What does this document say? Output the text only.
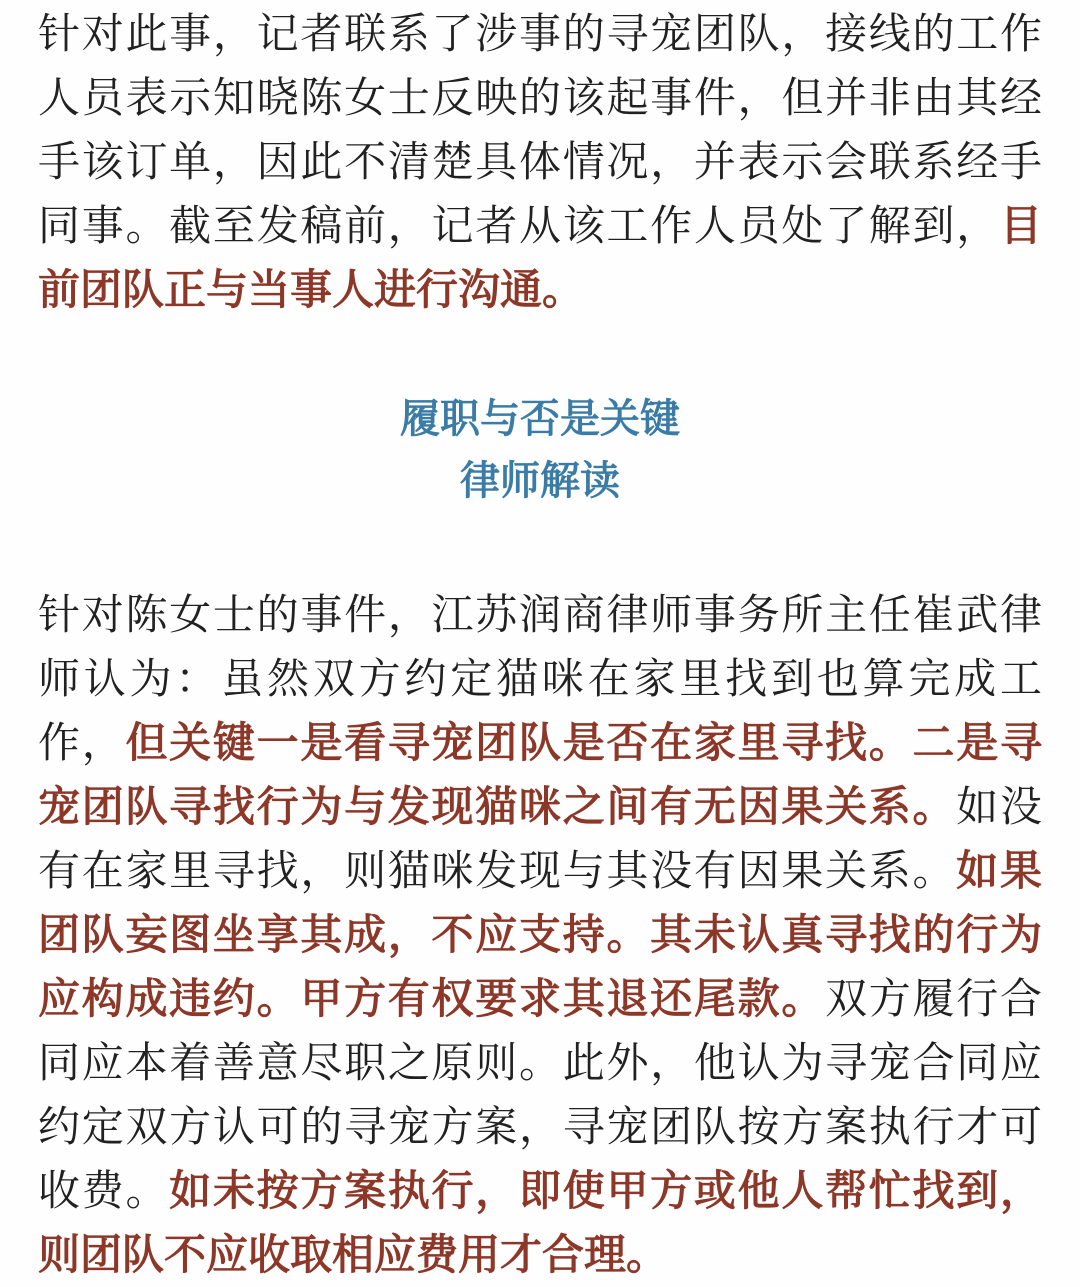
针对此事，记者联系了涉事的寻宠团队，接线的工作人员表示知晓陈女士反映的该起事件，但并非由其经手该订单，因此不清楚具体情况，并表示会联系经手同事。截至发稿前，记者从该工作人员处了解到，目前团队正与当事人进行沟通。

履职与否是关键
律师解读

针对陈女士的事件，江苏润商律师事务所主任崔武律师认为：虽然双方约定猫咪在家里找到也算完成工作，但关键一是看寻宠团队是否在家里寻找。二是寻宠团队寻找行为与发现猫咪之间有无因果关系。如没有在家里寻找，则猫咪发现与其没有因果关系。如果团队妄图坐享其成，不应支持。其未认真寻找的行为应构成违约。甲方有权要求其退还尾款。双方履行合同应本着善意尽职之原则。此外，他认为寻宠合同应约定双方认可的寻宠方案，寻宠团队按方案执行才可收费。如未按方案执行，即使甲方或他人帮忙找到，则团队不应收取相应费用才合理。
